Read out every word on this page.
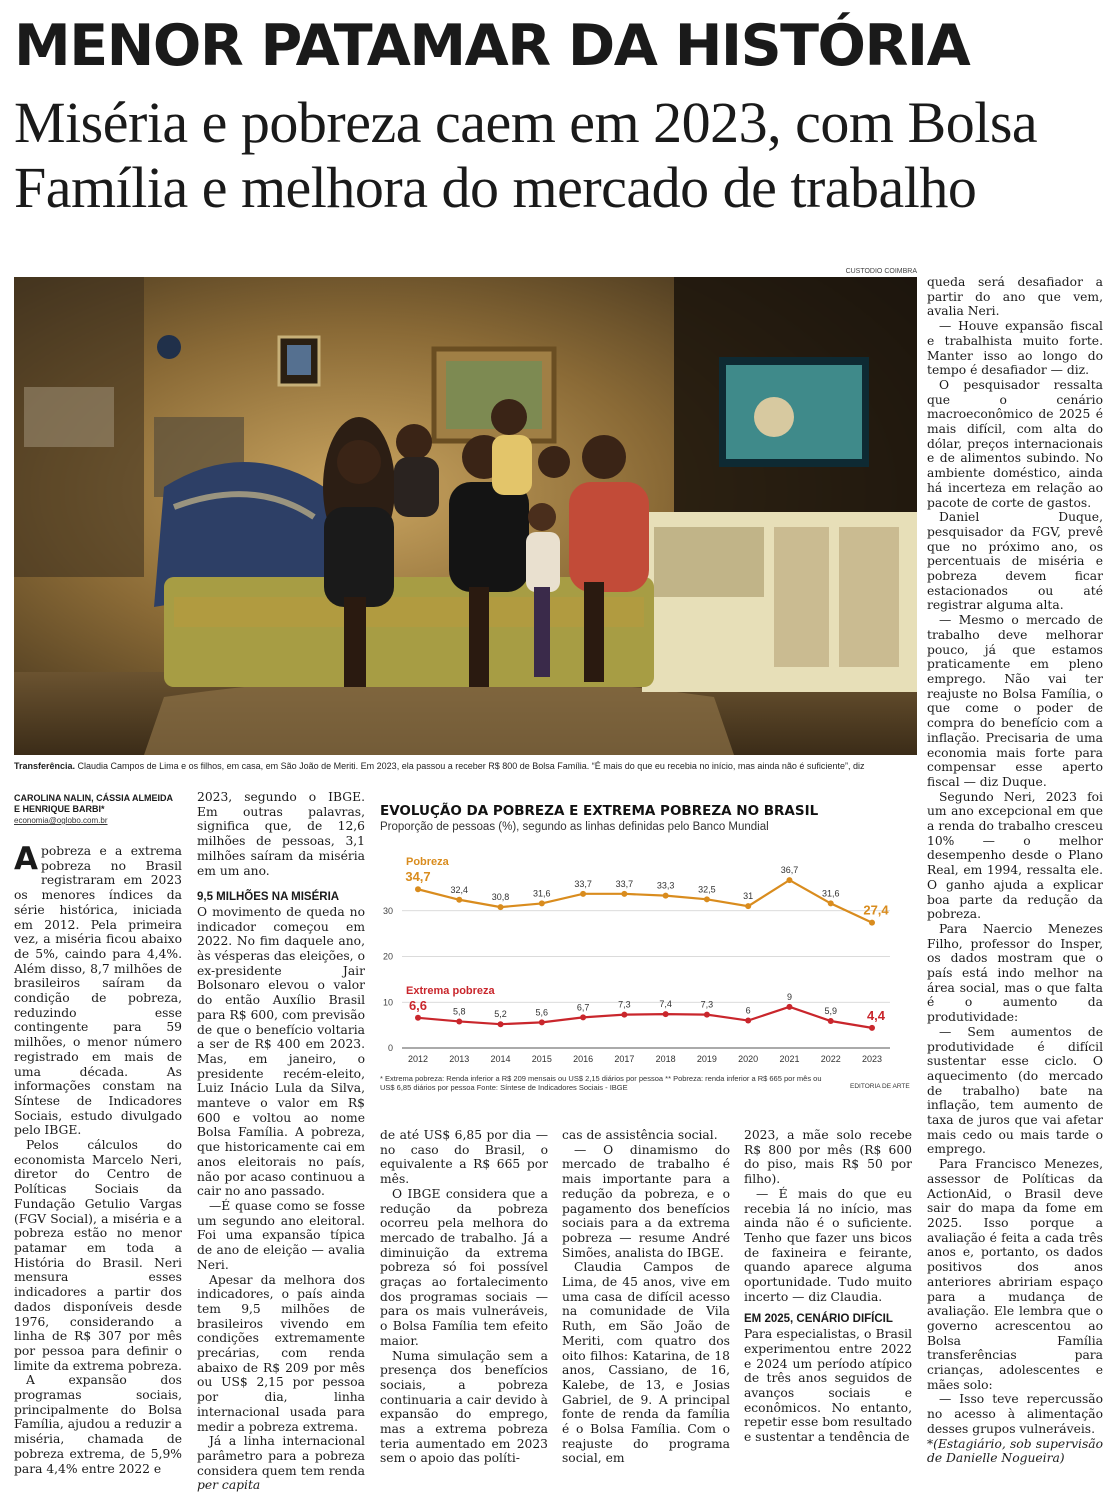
MENOR PATAMAR DA HISTÓRIA
Miséria e pobreza caem em 2023, com Bolsa Família e melhora do mercado de trabalho
CUSTODIO COIMBRA
Transferência. Claudia Campos de Lima e os filhos, em casa, em São João de Meriti. Em 2023, ela passou a receber R$ 800 de Bolsa Família. “É mais do que eu recebia no início, mas ainda não é suficiente”, diz
CAROLINA NALIN, CÁSSIA ALMEIDA
E HENRIQUE BARBI*
economia@oglobo.com.br

A pobreza e a extrema pobreza no Brasil registraram em 2023 os menores índices da série histórica, iniciada em 2012. Pela primeira vez, a miséria ficou abaixo de 5%, caindo para 4,4%. Além disso, 8,7 milhões de brasileiros saíram da condição de pobreza, reduzindo esse contingente para 59 milhões, o menor número registrado em mais de uma década. As informações constam na Síntese de Indicadores Sociais, estudo divulgado pelo IBGE.

Pelos cálculos do economista Marcelo Neri, diretor do Centro de Políticas Sociais da Fundação Getulio Vargas (FGV Social), a miséria e a pobreza estão no menor patamar em toda a História do Brasil. Neri mensura esses indicadores a partir dos dados disponíveis desde 1976, considerando a linha de R$ 307 por mês por pessoa para definir o limite da extrema pobreza.

A expansão dos programas sociais, principalmente do Bolsa Família, ajudou a reduzir a miséria, chamada de pobreza extrema, de 5,9% para 4,4% entre 2022 e

2023, segundo o IBGE. Em outras palavras, significa que, de 12,6 milhões de pessoas, 3,1 milhões saíram da miséria em um ano.

9,5 MILHÕES NA MISÉRIA

O movimento de queda no indicador começou em 2022. No fim daquele ano, às vésperas das eleições, o ex-presidente Jair Bolsonaro elevou o valor do então Auxílio Brasil para R$ 600, com previsão de que o benefício voltaria a ser de R$ 400 em 2023. Mas, em janeiro, o presidente recém-eleito, Luiz Inácio Lula da Silva, manteve o valor em R$ 600 e voltou ao nome Bolsa Família. A pobreza, que historicamente cai em anos eleitorais no país, não por acaso continuou a cair no ano passado.

—É quase como se fosse um segundo ano eleitoral. Foi uma expansão típica de ano de eleição — avalia Neri.

Apesar da melhora dos indicadores, o país ainda tem 9,5 milhões de brasileiros vivendo em condições extremamente precárias, com renda abaixo de R$ 209 por mês ou US$ 2,15 por pessoa por dia, linha internacional usada para medir a pobreza extrema.

Já a linha internacional parâmetro para a pobreza considera quem tem renda per capita

EVOLUÇÃO DA POBREZA E EXTREMA POBREZA NO BRASIL
Proporção de pessoas (%), segundo as linhas definidas pelo Banco Mundial
30
20
10
0
2012 2013 2014 2015 2016 2017 2018 2019 2020 2021 2022 2023
34,7
32,4
30,8	31,6
33,7	33,7	33,3	32,5
31
36,7
31,6
27,4
Pobreza
6,6	5,8	5,2	5,6
6,7	7,3	7,4	7,3
6
9
5,9 4,4
Extrema pobreza
* Extrema pobreza: Renda inferior a R$ 209 mensais ou US$ 2,15 diários por pessoa ** Pobreza: renda inferior a R$ 665 por mês ou US$ 6,85 diários por pessoa Fonte: Síntese de Indicadores Sociais - IBGE	EDITORIA DE ARTE

de até US$ 6,85 por dia — no caso do Brasil, o equivalente a R$ 665 por mês.

O IBGE considera que a redução da pobreza ocorreu pela melhora do mercado de trabalho. Já a diminuição da extrema pobreza só foi possível graças ao fortalecimento dos programas sociais — para os mais vulneráveis, o Bolsa Família tem efeito maior.

Numa simulação sem a presença dos benefícios sociais, a pobreza continuaria a cair devido à expansão do emprego, mas a extrema pobreza teria aumentado em 2023 sem o apoio das políti-

cas de assistência social.

— O dinamismo do mercado de trabalho é mais importante para a redução da pobreza, e o pagamento dos benefícios sociais para a da extrema pobreza — resume André Simões, analista do IBGE.

Claudia Campos de Lima, de 45 anos, vive em uma casa de difícil acesso na comunidade de Vila Ruth, em São João de Meriti, com quatro dos oito filhos: Katarina, de 18 anos, Cassiano, de 16, Kalebe, de 13, e Josias Gabriel, de 9. A principal fonte de renda da família é o Bolsa Família. Com o reajuste do programa social, em

2023, a mãe solo recebe R$ 800 por mês (R$ 600 do piso, mais R$ 50 por filho).

— É mais do que eu recebia lá no início, mas ainda não é o suficiente. Tenho que fazer uns bicos de faxineira e feirante, quando aparece alguma oportunidade. Tudo muito incerto — diz Claudia.

EM 2025, CENÁRIO DIFÍCIL

Para especialistas, o Brasil experimentou entre 2022 e 2024 um período atípico de três anos seguidos de avanços sociais e econômicos. No entanto, repetir esse bom resultado e sustentar a tendência de

queda será desafiador a partir do ano que vem, avalia Neri.

— Houve expansão fiscal e trabalhista muito forte. Manter isso ao longo do tempo é desafiador — diz.

O pesquisador ressalta que o cenário macroeconômico de 2025 é mais difícil, com alta do dólar, preços internacionais e de alimentos subindo. No ambiente doméstico, ainda há incerteza em relação ao pacote de corte de gastos.

Daniel Duque, pesquisador da FGV, prevê que no próximo ano, os percentuais de miséria e pobreza devem ficar estacionados ou até registrar alguma alta.

— Mesmo o mercado de trabalho deve melhorar pouco, já que estamos praticamente em pleno emprego. Não vai ter reajuste no Bolsa Família, o que come o poder de compra do benefício com a inflação. Precisaria de uma economia mais forte para compensar esse aperto fiscal — diz Duque.

Segundo Neri, 2023 foi um ano excepcional em que a renda do trabalho cresceu 10% — o melhor desempenho desde o Plano Real, em 1994, ressalta ele. O ganho ajuda a explicar boa parte da redução da pobreza.

Para Naercio Menezes Filho, professor do Insper, os dados mostram que o país está indo melhor na área social, mas o que falta é o aumento da produtividade:

— Sem aumentos de produtividade é difícil sustentar esse ciclo. O aquecimento (do mercado de trabalho) bate na inflação, tem aumento de taxa de juros que vai afetar mais cedo ou mais tarde o emprego.

Para Francisco Menezes, assessor de Políticas da ActionAid, o Brasil deve sair do mapa da fome em 2025. Isso porque a avaliação é feita a cada três anos e, portanto, os dados positivos dos anos anteriores abririam espaço para a mudança de avaliação. Ele lembra que o governo acrescentou ao Bolsa Família transferências para crianças, adolescentes e mães solo:

— Isso teve repercussão no acesso à alimentação desses grupos vulneráveis.

*(Estagiário, sob supervisão de Danielle Nogueira)
